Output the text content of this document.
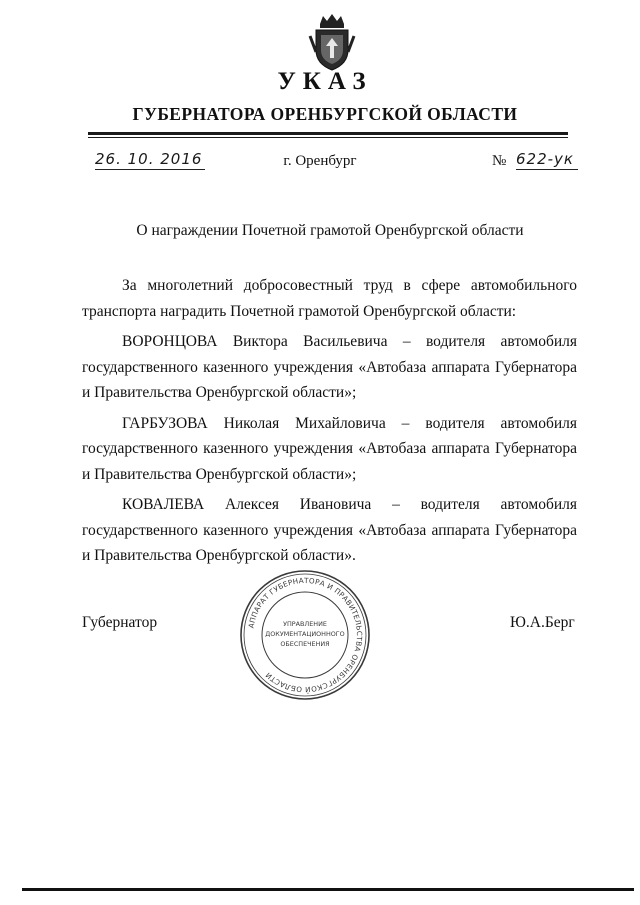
УКАЗ
ГУБЕРНАТОРА ОРЕНБУРГСКОЙ ОБЛАСТИ
26. 10. 2016	г. Оренбург	№ 622-ук
О награждении Почетной грамотой Оренбургской области

За многолетний добросовестный труд в сфере автомобильного транспорта наградить Почетной грамотой Оренбургской области:

ВОРОНЦОВА Виктора Васильевича – водителя автомобиля государственного казенного учреждения «Автобаза аппарата Губернатора и Правительства Оренбургской области»;

ГАРБУЗОВА Николая Михайловича – водителя автомобиля государственного казенного учреждения «Автобаза аппарата Губернатора и Правительства Оренбургской области»;

КОВАЛЕВА Алексея Ивановича – водителя автомобиля государственного казенного учреждения «Автобаза аппарата Губернатора и Правительства Оренбургской области».

Губернатор	Ю.А.Берг
АППАРАТ ГУБЕРНАТОРА И ПРАВИТЕЛЬСТВА ОРЕНБУРГСКОЙ ОБЛАСТИ
УПРАВЛЕНИЕ
ДОКУМЕНТАЦИОННОГО
ОБЕСПЕЧЕНИЯ
